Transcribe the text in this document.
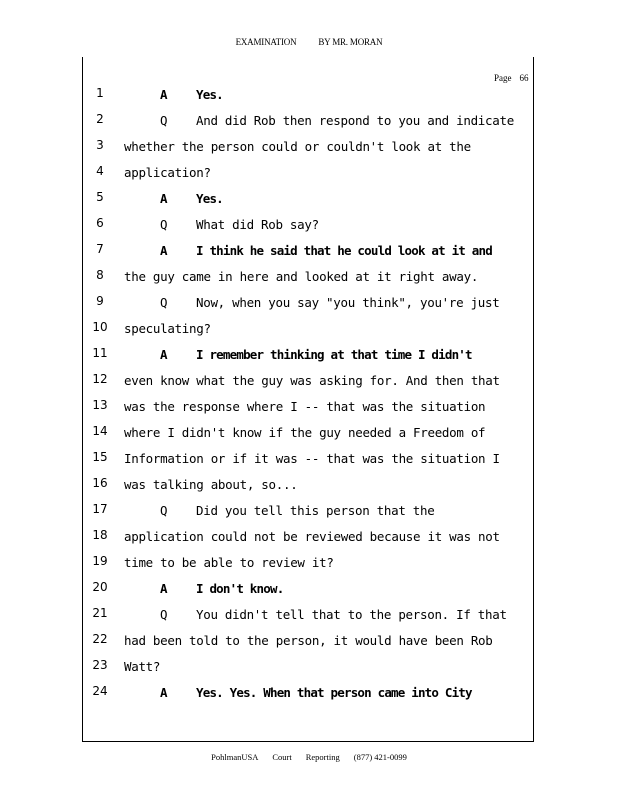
EXAMINATION BY MR. MORAN
Page 66
1	A Yes.
2	Q And did Rob then respond to you and indicate
3	whether the person could or couldn't look at the
4	application?
5	A Yes.
6	Q What did Rob say?
7	A I think he said that he could look at it and
8	the guy came in here and looked at it right away.
9	Q Now, when you say "you think", you're just
10 speculating?
11	A I remember thinking at that time I didn't
12 even know what the guy was asking for. And then that
13 was the response where I -- that was the situation
14 where I didn't know if the guy needed a Freedom of
15 Information or if it was -- that was the situation I
16 was talking about, so...
17	Q Did you tell this person that the
18 application could not be reviewed because it was not
19 time to be able to review it?
20	A I don't know.
21	Q You didn't tell that to the person. If that
22 had been told to the person, it would have been Rob
23 Watt?
24	A Yes. Yes. When that person came into City
PohlmanUSA Court Reporting (877) 421-0099
